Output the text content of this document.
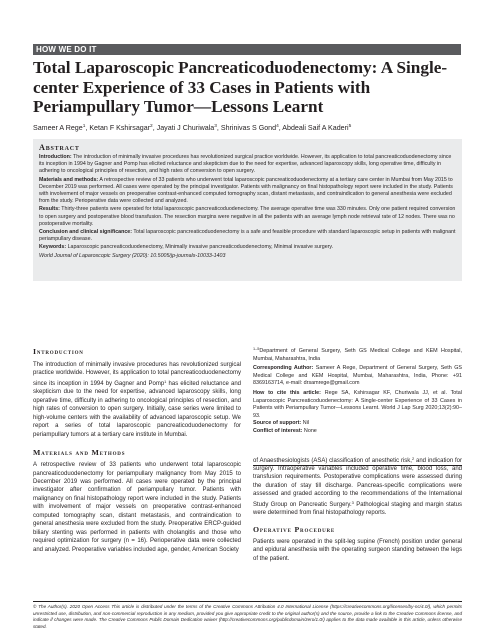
HOW WE DO IT
Total Laparoscopic Pancreaticoduodenectomy: A Single-center Experience of 33 Cases in Patients with Periampullary Tumor—Lessons Learnt
Sameer A Rege$^1$, Ketan F Kshirsagar$^2$, Jayati J Churiwala$^3$, Shrinivas S Gond$^4$, Abdeali Saif A Kaderi$^5$
Abstract

Introduction: The introduction of minimally invasive procedures has revolutionized surgical practice worldwide. However, its application to total pancreaticoduodenectomy since its inception in 1994 by Gagner and Pomp has elicited reluctance and skepticism due to the need for expertise, advanced laparoscopy skills, long operative time, difficulty in adhering to oncological principles of resection, and high rates of conversion to open surgery.

Materials and methods: A retrospective review of 33 patients who underwent total laparoscopic pancreaticoduodenectomy at a tertiary care center in Mumbai from May 2015 to December 2019 was performed. All cases were operated by the principal investigator. Patients with malignancy on final histopathology report were included in the study. Patients with involvement of major vessels on preoperative contrast-enhanced computed tomography scan, distant metastasis, and contraindication to general anesthesia were excluded from the study. Perioperative data were collected and analyzed.

Results: Thirty-three patients were operated for total laparoscopic pancreaticoduodenectomy. The average operative time was 330 minutes. Only one patient required conversion to open surgery and postoperative blood transfusion. The resection margins were negative in all the patients with an average lymph node retrieval rate of 12 nodes. There was no postoperative mortality.

Conclusion and clinical significance: Total laparoscopic pancreaticoduodenectomy is a safe and feasible procedure with standard laparoscopic setup in patients with malignant periampullary disease.

Keywords: Laparoscopic pancreaticoduodenectomy, Minimally invasive pancreaticoduodenectomy, Minimal invasive surgery.

World Journal of Laparoscopic Surgery (2020): 10.5005/jp-journals-10033-1403

Introduction

The introduction of minimally invasive procedures has revolutionized surgical practice worldwide. However, its application to total pancreaticoduodenectomy since its inception in 1994 by Gagner and Pomp$^1$ has elicited reluctance and skepticism due to the need for expertise, advanced laparoscopy skills, long operative time, difficulty in adhering to oncological principles of resection, and high rates of conversion to open surgery. Initially, case series were limited to high-volume centers with the availability of advanced laparoscopic setup. We report a series of total laparoscopic pancreaticoduodenectomy for periampullary tumors at a tertiary care institute in Mumbai.

Materials and Methods

A retrospective review of 33 patients who underwent total laparoscopic pancreaticoduodenectomy for periampullary malignancy from May 2015 to December 2019 was performed. All cases were operated by the principal investigator after confirmation of periampullary tumor. Patients with malignancy on final histopathology report were included in the study. Patients with involvement of major vessels on preoperative contrast-enhanced computed tomography scan, distant metastasis, and contraindication to general anesthesia were excluded from the study. Preoperative ERCP-guided biliary stenting was performed in patients with cholangitis and those who required optimization for surgery (n = 16). Perioperative data were collected and analyzed. Preoperative variables included age, gender, American Society

$^{1-5}$Department of General Surgery, Seth GS Medical College and KEM Hospital, Mumbai, Maharashtra, India

Corresponding Author: Sameer A Rege, Department of General Surgery, Seth GS Medical College and KEM Hospital, Mumbai, Maharashtra, India, Phone: +91 8369163714, e-mail: drsamrege@gmail.com

How to cite this article: Rege SA, Kshirsagar KF, Churiwala JJ, et al. Total Laparoscopic Pancreaticoduodenectomy: A Single-center Experience of 33 Cases in Patients with Periampullary Tumor—Lessons Learnt. World J Lap Surg 2020;13(2):90–93.

Source of support: Nil

Conflict of interest: None

of Anaesthesiologists (ASA) classification of anesthetic risk,$^2$ and indication for surgery. Intraoperative variables included operative time, blood loss, and transfusion requirements. Postoperative complications were assessed during the duration of stay till discharge. Pancreas-specific complications were assessed and graded according to the recommendations of the International Study Group on Pancreatic Surgery.$^3$ Pathological staging and margin status were determined from final histopathology reports.

Operative Procedure

Patients were operated in the split-leg supine (French) position under general and epidural anesthesia with the operating surgeon standing between the legs of the patient.

© The Author(s). 2020 Open Access This article is distributed under the terms of the Creative Commons Attribution 4.0 International License (https://creativecommons.org/licenses/by-nc/4.0/), which permits unrestricted use, distribution, and non-commercial reproduction in any medium, provided you give appropriate credit to the original author(s) and the source, provide a link to the Creative Commons license, and indicate if changes were made. The Creative Commons Public Domain Dedication waiver (http://creativecommons.org/publicdomain/zero/1.0/) applies to the data made available in this article, unless otherwise stated.
